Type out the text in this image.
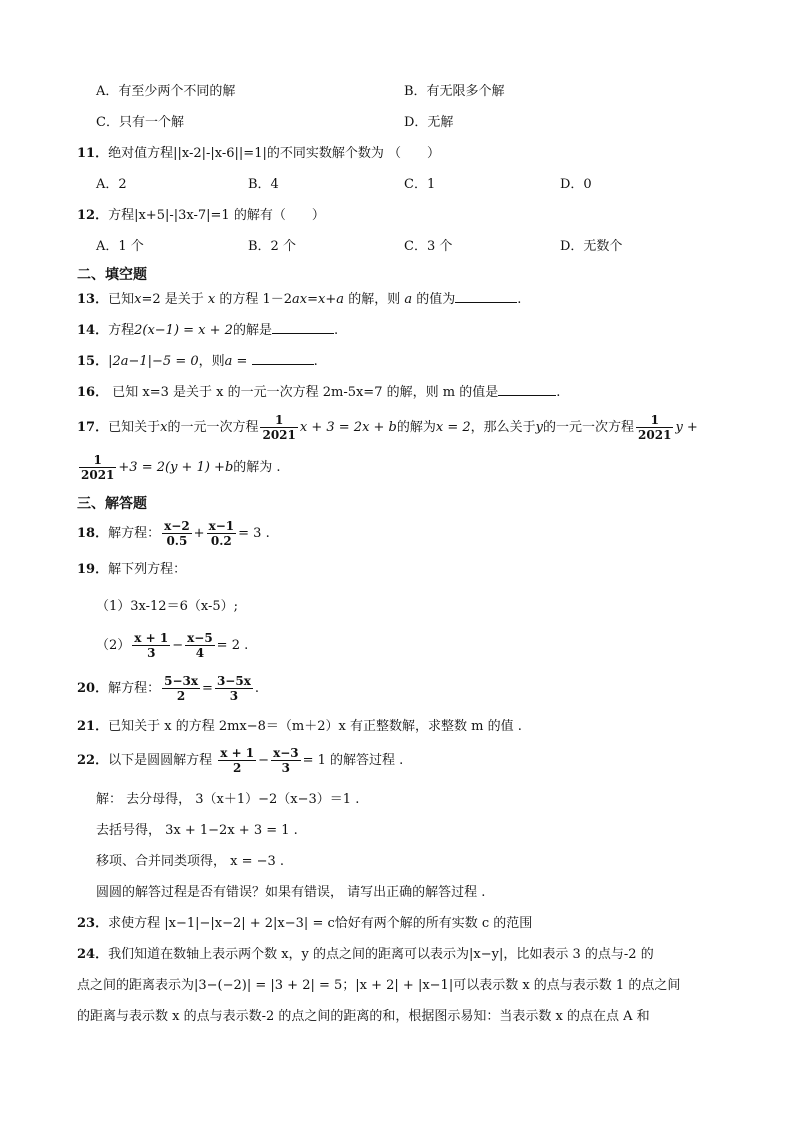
A．有至少两个不同的解	B．有无限多个解
C．只有一个解	D．无解
11．绝对值方程||x-2|-|x-6||=1|的不同实数解个数为 （　　）
A．2	B．4	C．1	D．0
12．方程|x+5|-|3x-7|=1 的解有（　　）
A．1 个	B．2 个	C．3 个	D．无数个
二、填空题
13．已知x=2 是关于 x 的方程 1－2ax=x+a 的解，则 a 的值为	.
14．方程2(x−1) = x + 2的解是	.
15．|2a−1|−5 = 0，则a =	.
16． 已知 x=3 是关于 x 的一元一次方程 2m-5x=7 的解，则 m 的值是	.
17．已知关于x的一元一次方程 $\frac{1}{2021}$ x + 3 = 2x + b的解为x = 2，那么关于y的一元一次方程 $\frac{1}{2021}$ y +
$\frac{1}{2021} +3 = 2(y + 1) +b$的解为 .
三、解答题
18．解方程： $\frac{x-2}{0.5} + \frac{x-1}{0.2} = 3$ .
19．解下列方程：
（1）3x-12＝6（x-5）;
$(2) \frac{x + 1}{3} - \frac{x-5}{4} = 2$ .
20．解方程： $\frac{5-3x}{2} = \frac{3-5x}{3}$ .
21．已知关于 x 的方程 2mx−8＝（m＋2）x 有正整数解，求整数 m 的值 .
22．以下是圆圆解方程 $\frac{x + 1}{2} - \frac{x-3}{3} = 1$ 的解答过程 .
解： 去分母得， 3（x＋1）−2（x−3）＝1 .
去括号得， 3x + 1−2x + 3 = 1 .
移项、合并同类项得， x = −3 .
圆圆的解答过程是否有错误？如果有错误， 请写出正确的解答过程 .
23．求使方程 |x−1|−|x−2| + 2|x−3| = c恰好有两个解的所有实数 c 的范围
24．我们知道在数轴上表示两个数 x，y 的点之间的距离可以表示为|x−y|，比如表示 3 的点与-2 的
点之间的距离表示为|3−(−2)| = |3 + 2| = 5；|x + 2| + |x−1|可以表示数 x 的点与表示数 1 的点之间
的距离与表示数 x 的点与表示数-2 的点之间的距离的和，根据图示易知：当表示数 x 的点在点 A 和
